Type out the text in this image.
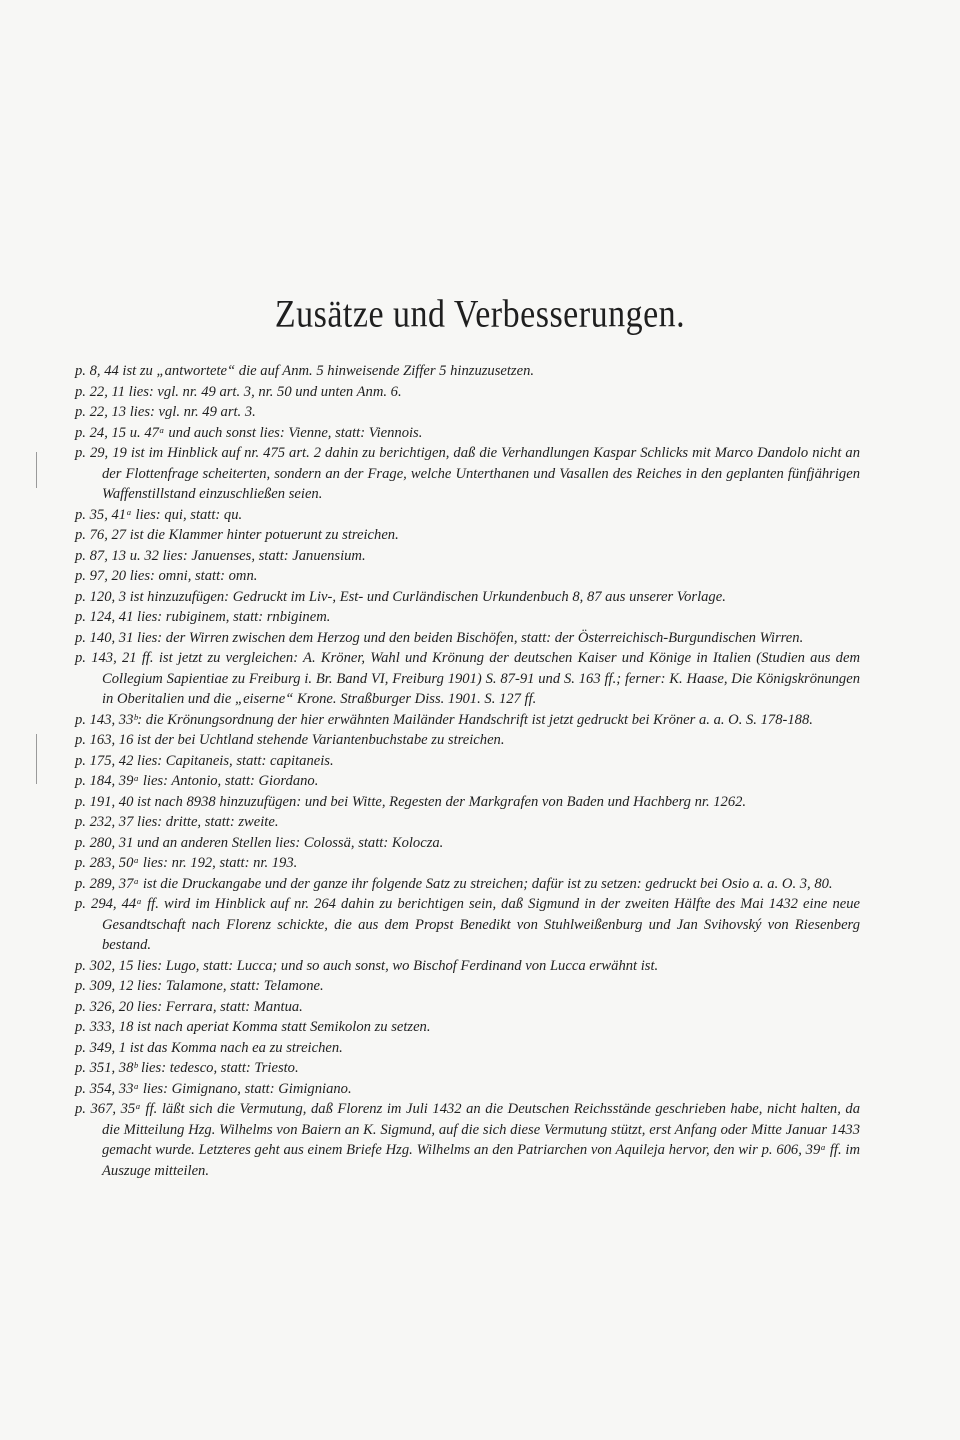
Zusätze und Verbesserungen.

p. 8, 44 ist zu „antwortete“ die auf Anm. 5 hinweisende Ziffer 5 hinzuzusetzen.

p. 22, 11 lies: vgl. nr. 49 art. 3, nr. 50 und unten Anm. 6.

p. 22, 13 lies: vgl. nr. 49 art. 3.

p. 24, 15 u. 47ᵃ und auch sonst lies: Vienne, statt: Viennois.

p. 29, 19 ist im Hinblick auf nr. 475 art. 2 dahin zu berichtigen, daß die Verhandlungen Kaspar Schlicks mit Marco Dandolo nicht an der Flottenfrage scheiterten, sondern an der Frage, welche Unterthanen und Vasallen des Reiches in den geplanten fünfjährigen Waffenstillstand einzuschließen seien.

p. 35, 41ᵃ lies: qui, statt: qu.

p. 76, 27 ist die Klammer hinter potuerunt zu streichen.

p. 87, 13 u. 32 lies: Januenses, statt: Januensium.

p. 97, 20 lies: omni, statt: omn.

p. 120, 3 ist hinzuzufügen: Gedruckt im Liv-, Est- und Curländischen Urkundenbuch 8, 87 aus unserer Vorlage.

p. 124, 41 lies: rubiginem, statt: rnbiginem.

p. 140, 31 lies: der Wirren zwischen dem Herzog und den beiden Bischöfen, statt: der Österreichisch-Burgundischen Wirren.

p. 143, 21 ff. ist jetzt zu vergleichen: A. Kröner, Wahl und Krönung der deutschen Kaiser und Könige in Italien (Studien aus dem Collegium Sapientiae zu Freiburg i. Br. Band VI, Freiburg 1901) S. 87-91 und S. 163 ff.; ferner: K. Haase, Die Königskrönungen in Oberitalien und die „eiserne“ Krone. Straßburger Diss. 1901. S. 127 ff.

p. 143, 33ᵇ: die Krönungsordnung der hier erwähnten Mailänder Handschrift ist jetzt gedruckt bei Kröner a. a. O. S. 178-188.

p. 163, 16 ist der bei Uchtland stehende Variantenbuchstabe zu streichen.

p. 175, 42 lies: Capitaneis, statt: capitaneis.

p. 184, 39ᵃ lies: Antonio, statt: Giordano.

p. 191, 40 ist nach 8938 hinzuzufügen: und bei Witte, Regesten der Markgrafen von Baden und Hachberg nr. 1262.

p. 232, 37 lies: dritte, statt: zweite.

p. 280, 31 und an anderen Stellen lies: Colossä, statt: Kolocza.

p. 283, 50ᵃ lies: nr. 192, statt: nr. 193.

p. 289, 37ᵃ ist die Druckangabe und der ganze ihr folgende Satz zu streichen; dafür ist zu setzen: gedruckt bei Osio a. a. O. 3, 80.

p. 294, 44ᵃ ff. wird im Hinblick auf nr. 264 dahin zu berichtigen sein, daß Sigmund in der zweiten Hälfte des Mai 1432 eine neue Gesandtschaft nach Florenz schickte, die aus dem Propst Benedikt von Stuhlweißenburg und Jan Svihovský von Riesenberg bestand.

p. 302, 15 lies: Lugo, statt: Lucca; und so auch sonst, wo Bischof Ferdinand von Lucca erwähnt ist.

p. 309, 12 lies: Talamone, statt: Telamone.

p. 326, 20 lies: Ferrara, statt: Mantua.

p. 333, 18 ist nach aperiat Komma statt Semikolon zu setzen.

p. 349, 1 ist das Komma nach ea zu streichen.

p. 351, 38ᵇ lies: tedesco, statt: Triesto.

p. 354, 33ᵃ lies: Gimignano, statt: Gimigniano.

p. 367, 35ᵃ ff. läßt sich die Vermutung, daß Florenz im Juli 1432 an die Deutschen Reichsstände geschrieben habe, nicht halten, da die Mitteilung Hzg. Wilhelms von Baiern an K. Sigmund, auf die sich diese Vermutung stützt, erst Anfang oder Mitte Januar 1433 gemacht wurde. Letzteres geht aus einem Briefe Hzg. Wilhelms an den Patriarchen von Aquileja hervor, den wir p. 606, 39ᵃ ff. im Auszuge mitteilen.
